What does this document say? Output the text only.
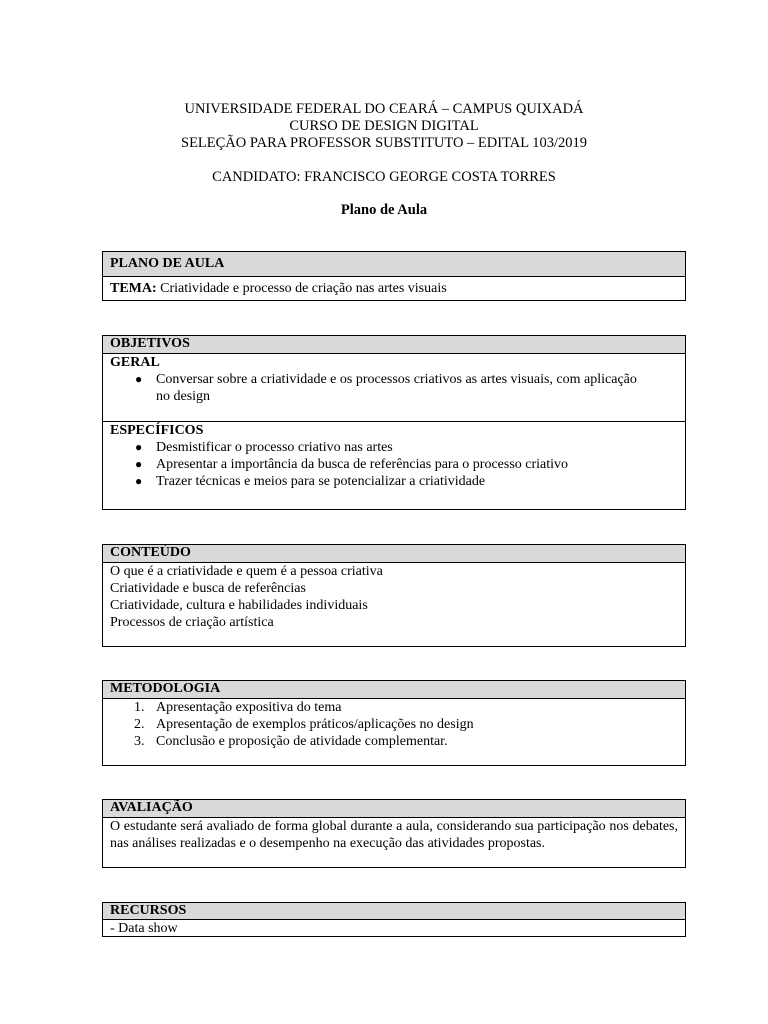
UNIVERSIDADE FEDERAL DO CEARÁ – CAMPUS QUIXADÁ
CURSO DE DESIGN DIGITAL
SELEÇÃO PARA PROFESSOR SUBSTITUTO – EDITAL 103/2019
CANDIDATO: FRANCISCO GEORGE COSTA TORRES
Plano de Aula
PLANO DE AULA
TEMA: Criatividade e processo de criação nas artes visuais
OBJETIVOS
GERAL
● Conversar sobre a criatividade e os processos criativos as artes visuais, com aplicação no design
ESPECÍFICOS
● Desmistificar o processo criativo nas artes
● Apresentar a importância da busca de referências para o processo criativo
● Trazer técnicas e meios para se potencializar a criatividade
CONTEÚDO
O que é a criatividade e quem é a pessoa criativa
Criatividade e busca de referências
Criatividade, cultura e habilidades individuais
Processos de criação artística
METODOLOGIA
1. Apresentação expositiva do tema
2. Apresentação de exemplos práticos/aplicações no design
3. Conclusão e proposição de atividade complementar.
AVALIAÇÃO
O estudante será avaliado de forma global durante a aula, considerando sua participação nos debates, nas análises realizadas e o desempenho na execução das atividades propostas.
RECURSOS
- Data show
